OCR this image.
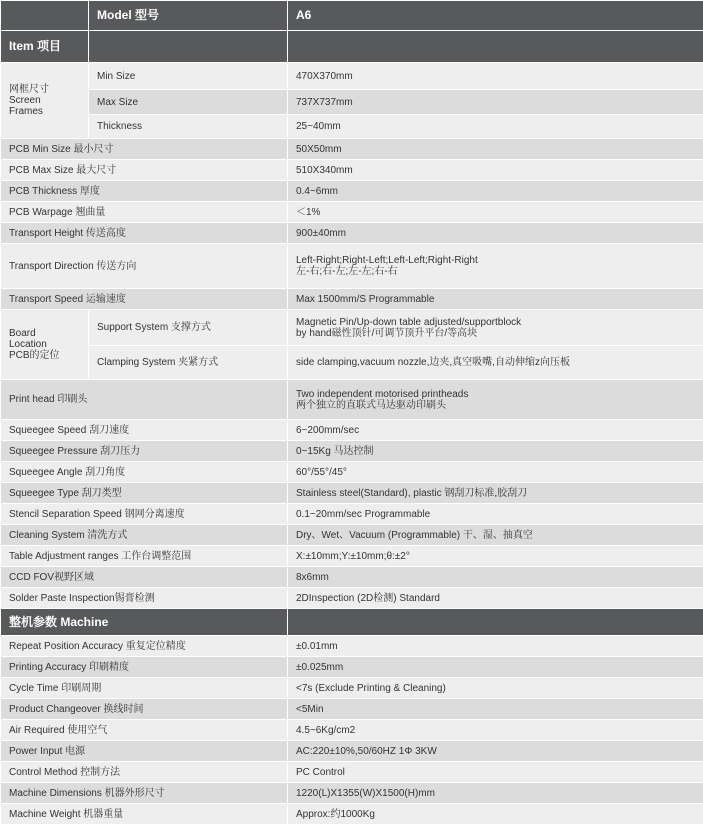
	Model 型号	A6
Item 项目		

网框尺寸
Screen
Frames	Min Size	470X370mm
	Max Size	737X737mm
	Thickness	25~40mm
PCB Min Size 最小尺寸		50X50mm
PCB Max Size 最大尺寸		510X340mm
PCB Thickness 厚度		0.4~6mm
PCB Warpage 翘曲量		＜1%
Transport Height 传送高度		900±40mm
Transport Direction 传送方向		Left-Right;Right-Left;Left-Left;Right-Right
左-右;右-左;左-左;右-右

Transport Speed 运输速度		Max 1500mm/S Programmable

Board
Location
PCB的定位	Support System 支撑方式	Magnetic Pin/Up-down table adjusted/supportblock
by hand磁性顶针/可调节顶升平台/等高块

	Clamping System 夹紧方式	side clamping,vacuum nozzle,边夹,真空吸嘴,自动伸缩z向压板
Print head 印刷头		Two independent motorised printheads
两个独立的直联式马达驱动印刷头

Squeegee Speed 刮刀速度		6~200mm/sec
Squeegee Pressure 刮刀压力		0~15Kg 马达控制
Squeegee Angle 刮刀角度		60°/55°/45°
Squeegee Type 刮刀类型		Stainless steel(Standard), plastic 钢刮刀标准,胶刮刀
Stencil Separation Speed 钢网分离速度		0.1~20mm/sec Programmable
Cleaning System 清洗方式		Dry、Wet、Vacuum (Programmable) 干、湿、抽真空
Table Adjustment ranges 工作台调整范围		X:±10mm;Y:±10mm;θ:±2°
CCD FOV视野区域		8x6mm
Solder Paste Inspection锡膏检测		2DInspection (2D检测) Standard
整机参数 Machine		
Repeat Position Accuracy 重复定位精度		±0.01mm
Printing Accuracy 印刷精度		±0.025mm
Cycle Time 印刷周期		<7s (Exclude Printing & Cleaning)
Product Changeover 换线时间		<5Min
Air Required 使用空气		4.5~6Kg/cm2
Power Input 电源		AC:220±10%,50/60HZ 1Φ 3KW
Control Method 控制方法		PC Control
Machine Dimensions 机器外形尺寸		1220(L)X1355(W)X1500(H)mm
Machine Weight 机器重量		Approx:约1000Kg
